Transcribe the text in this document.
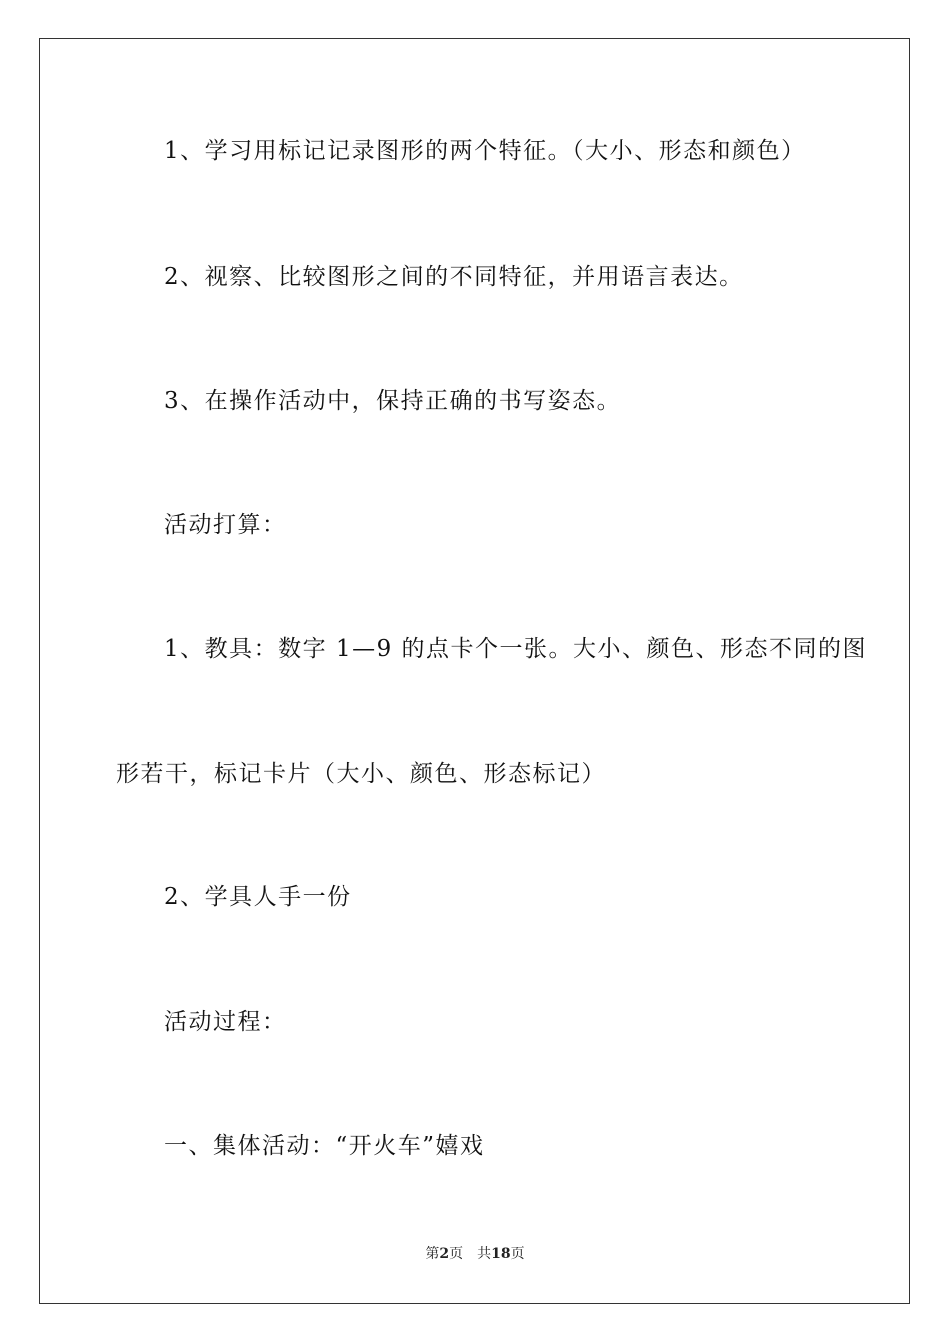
1、学习用标记记录图形的两个特征。（大小、形态和颜色）

2、视察、比较图形之间的不同特征，并用语言表达。

3、在操作活动中，保持正确的书写姿态。

活动打算：

1、教具：数字 1—9 的点卡个一张。大小、颜色、形态不同的图

形若干，标记卡片（大小、颜色、形态标记）

2、学具人手一份

活动过程：

一、集体活动：“开火车”嬉戏

第2页 共18页
